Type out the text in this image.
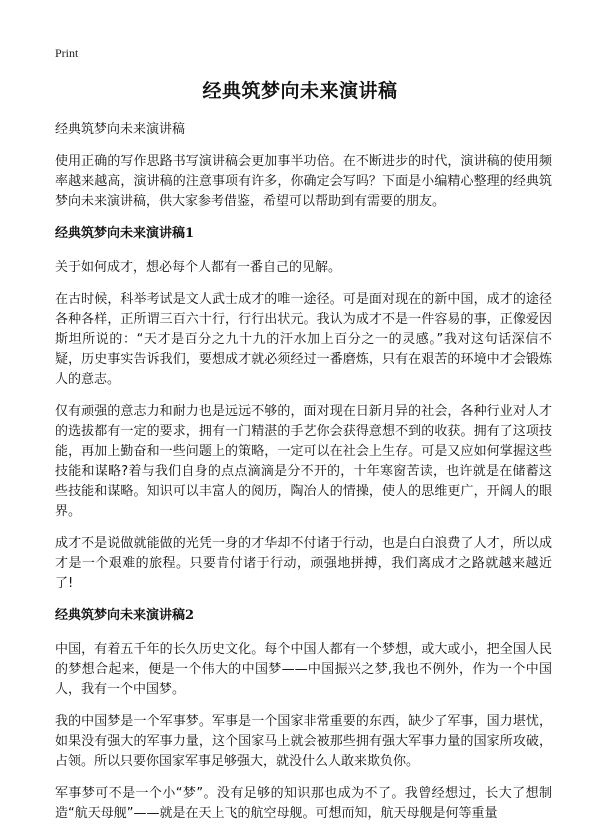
Print
经典筑梦向未来演讲稿

经典筑梦向未来演讲稿

使用正确的写作思路书写演讲稿会更加事半功倍。在不断进步的时代，演讲稿的使用频率越来越高，演讲稿的注意事项有许多，你确定会写吗？下面是小编精心整理的经典筑梦向未来演讲稿，供大家参考借鉴，希望可以帮助到有需要的朋友。

经典筑梦向未来演讲稿1

关于如何成才，想必每个人都有一番自己的见解。

在古时候，科举考试是文人武士成才的唯一途径。可是面对现在的新中国，成才的途径各种各样，正所谓三百六十行，行行出状元。我认为成才不是一件容易的事，正像爱因斯坦所说的：“天才是百分之九十九的汗水加上百分之一的灵感。”我对这句话深信不疑，历史事实告诉我们，要想成才就必须经过一番磨炼，只有在艰苦的环境中才会锻炼人的意志。

仅有顽强的意志力和耐力也是远远不够的，面对现在日新月异的社会，各种行业对人才的选拔都有一定的要求，拥有一门精湛的手艺你会获得意想不到的收获。拥有了这项技能，再加上勤奋和一些问题上的策略，一定可以在社会上生存。可是又应如何掌握这些技能和谋略?着与我们自身的点点滴滴是分不开的，十年寒窗苦读，也许就是在储蓄这些技能和谋略。知识可以丰富人的阅历，陶冶人的情操，使人的思维更广，开阔人的眼界。

成才不是说做就能做的光凭一身的才华却不付诸于行动，也是白白浪费了人才，所以成才是一个艰难的旅程。只要肯付诸于行动，顽强地拼搏，我们离成才之路就越来越近了!

经典筑梦向未来演讲稿2

中国，有着五千年的长久历史文化。每个中国人都有一个梦想，或大或小，把全国人民的梦想合起来，便是一个伟大的中国梦——中国振兴之梦,我也不例外，作为一个中国人，我有一个中国梦。

我的中国梦是一个军事梦。军事是一个国家非常重要的东西，缺少了军事，国力堪忧，如果没有强大的军事力量，这个国家马上就会被那些拥有强大军事力量的国家所攻破，占领。所以只要你国家军事足够强大，就没什么人敢来欺负你。

军事梦可不是一个小“梦”。没有足够的知识那也成为不了。我曾经想过，长大了想制造“航天母舰”——就是在天上飞的航空母舰。可想而知，航天母舰是何等重量
